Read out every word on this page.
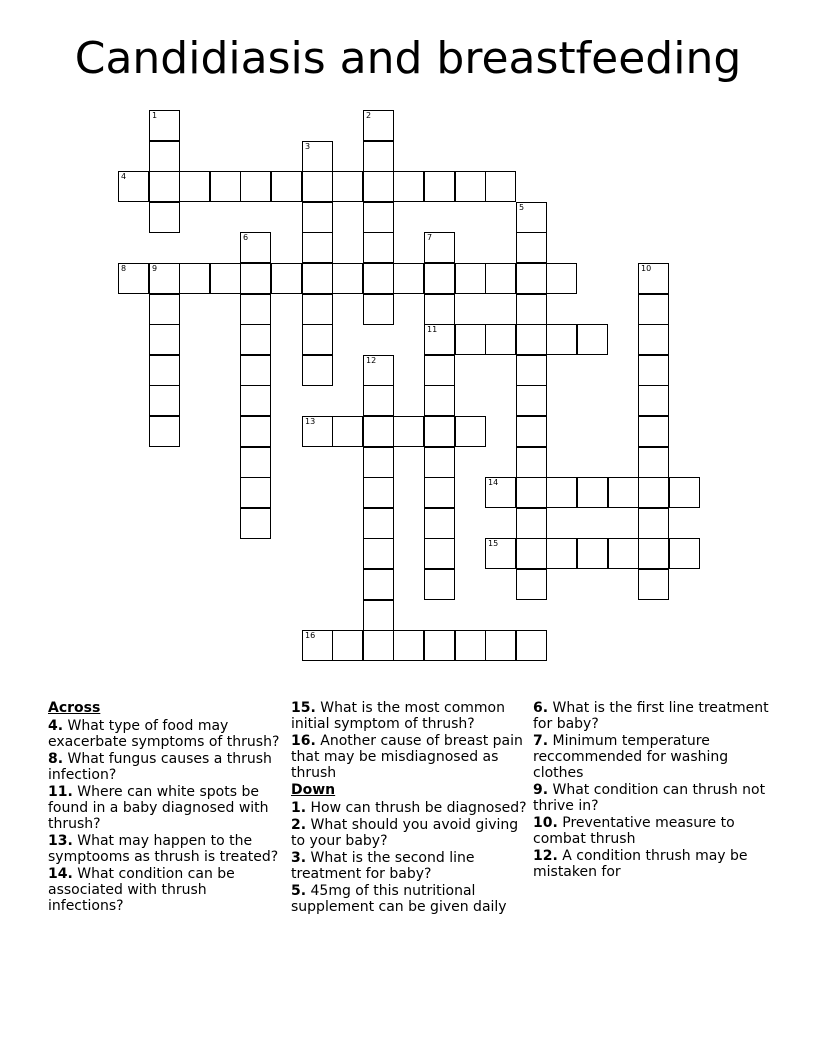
Candidiasis and breastfeeding
1	2
3
4
5
6	7
11
8	9	10
12
13
14
15
16

Across

4. What type of food may exacerbate symptoms of thrush?

8. What fungus causes a thrush infection?

11. Where can white spots be found in a baby diagnosed with thrush?

13. What may happen to the symptooms as thrush is treated?

14. What condition can be associated with thrush infections?

15. What is the most common initial symptom of thrush?

16. Another cause of breast pain that may be misdiagnosed as thrush

Down

1. How can thrush be diagnosed?

2. What should you avoid giving to your baby?

3. What is the second line treatment for baby?

5. 45mg of this nutritional supplement can be given daily

6. What is the first line treatment for baby?

7. Minimum temperature reccommended for washing clothes

9. What condition can thrush not thrive in?

10. Preventative measure to combat thrush

12. A condition thrush may be mistaken for
